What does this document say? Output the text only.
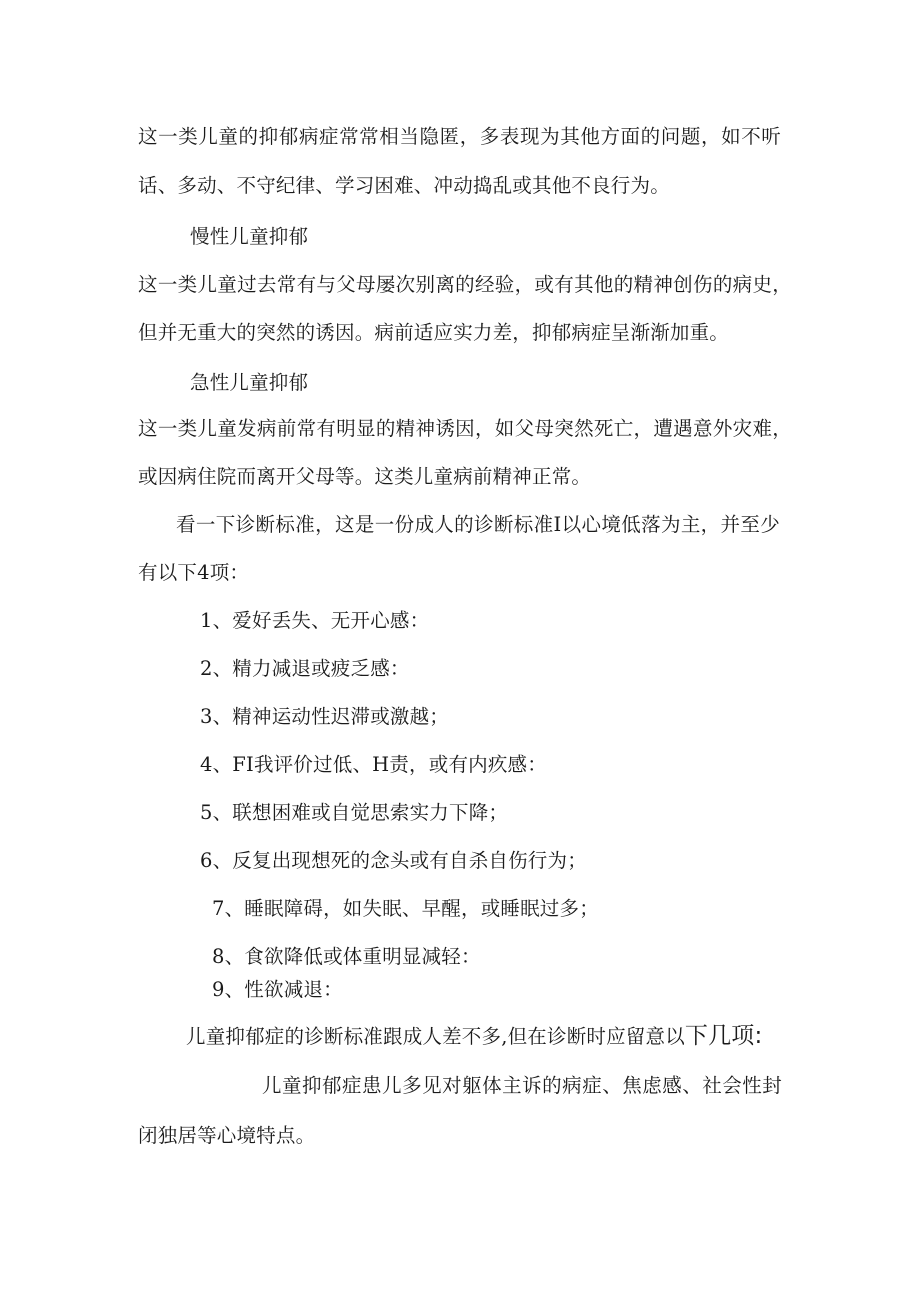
这一类儿童的抑郁病症常常相当隐匿，多表现为其他方面的问题，如不听
话、多动、不守纪律、学习困难、冲动捣乱或其他不良行为。
慢性儿童抑郁
这一类儿童过去常有与父母屡次别离的经验，或有其他的精神创伤的病史，
但并无重大的突然的诱因。病前适应实力差，抑郁病症呈渐渐加重。
急性儿童抑郁
这一类儿童发病前常有明显的精神诱因，如父母突然死亡，遭遇意外灾难，
或因病住院而离开父母等。这类儿童病前精神正常。
看一下诊断标准，这是一份成人的诊断标准I以心境低落为主，并至少
有以下4项：
1、爱好丢失、无开心感：
2、精力减退或疲乏感：
3、精神运动性迟滞或激越；
4、FI我评价过低、H责，或有内疚感：
5、联想困难或自觉思索实力下降；
6、反复出现想死的念头或有自杀自伤行为；
7、睡眠障碍，如失眠、早醒，或睡眠过多；
8、食欲降低或体重明显减轻：
9、性欲减退：
儿童抑郁症的诊断标准跟成人差不多,但在诊断时应留意以下几项:
儿童抑郁症患儿多见对躯体主诉的病症、焦虑感、社会性封
闭独居等心境特点。
